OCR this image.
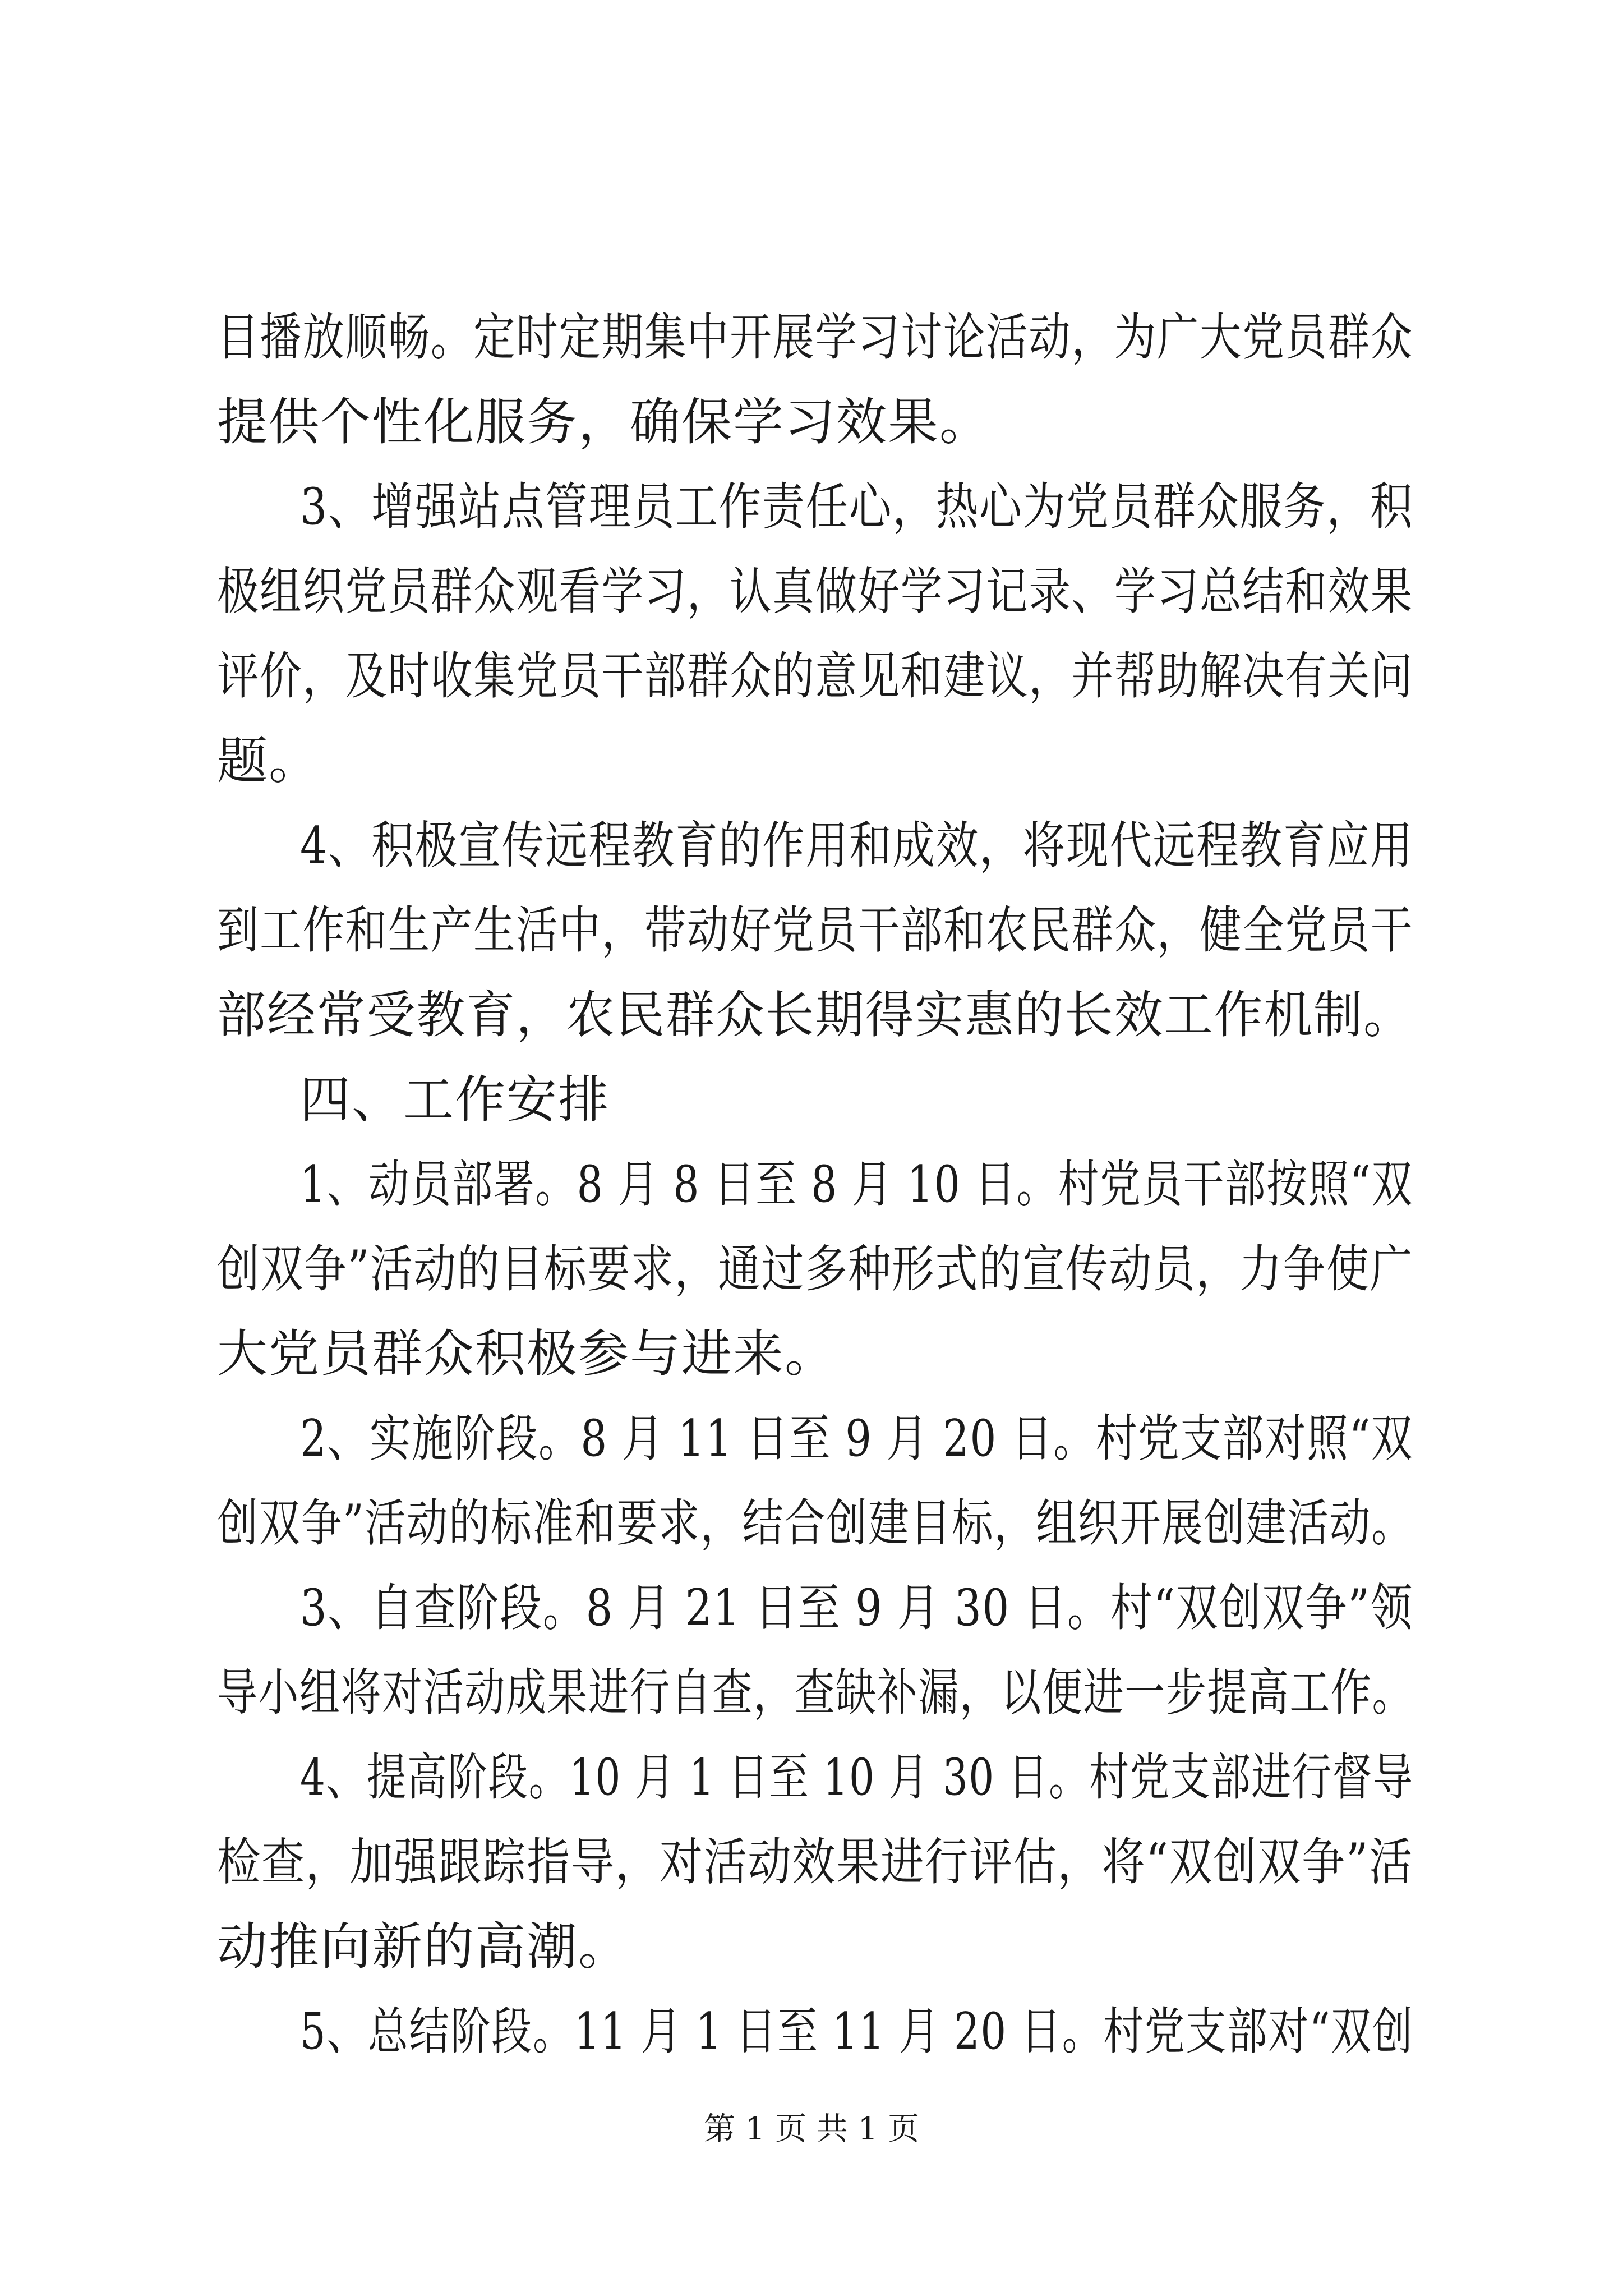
目播放顺畅。定时定期集中开展学习讨论活动，为广大党员群众
提供个性化服务，确保学习效果。
3、增强站点管理员工作责任心，热心为党员群众服务，积
极组织党员群众观看学习，认真做好学习记录、学习总结和效果
评价，及时收集党员干部群众的意见和建议，并帮助解决有关问
题。
4、积极宣传远程教育的作用和成效，将现代远程教育应用
到工作和生产生活中，带动好党员干部和农民群众，健全党员干
部经常受教育，农民群众长期得实惠的长效工作机制。
四、工作安排
1、动员部署。8 月 8 日至 8 月 10 日。村党员干部按照“双
创双争”活动的目标要求，通过多种形式的宣传动员，力争使广
大党员群众积极参与进来。
2、实施阶段。8 月 11 日至 9 月 20 日。村党支部对照“双
创双争”活动的标准和要求，结合创建目标，组织开展创建活动。
3、自查阶段。8 月 21 日至 9 月 30 日。村“双创双争”领
导小组将对活动成果进行自查，查缺补漏，以便进一步提高工作。
4、提高阶段。10 月 1 日至 10 月 30 日。村党支部进行督导
检查，加强跟踪指导，对活动效果进行评估，将“双创双争”活
动推向新的高潮。
5、总结阶段。11 月 1 日至 11 月 20 日。村党支部对“双创
第 1 页 共 1 页
